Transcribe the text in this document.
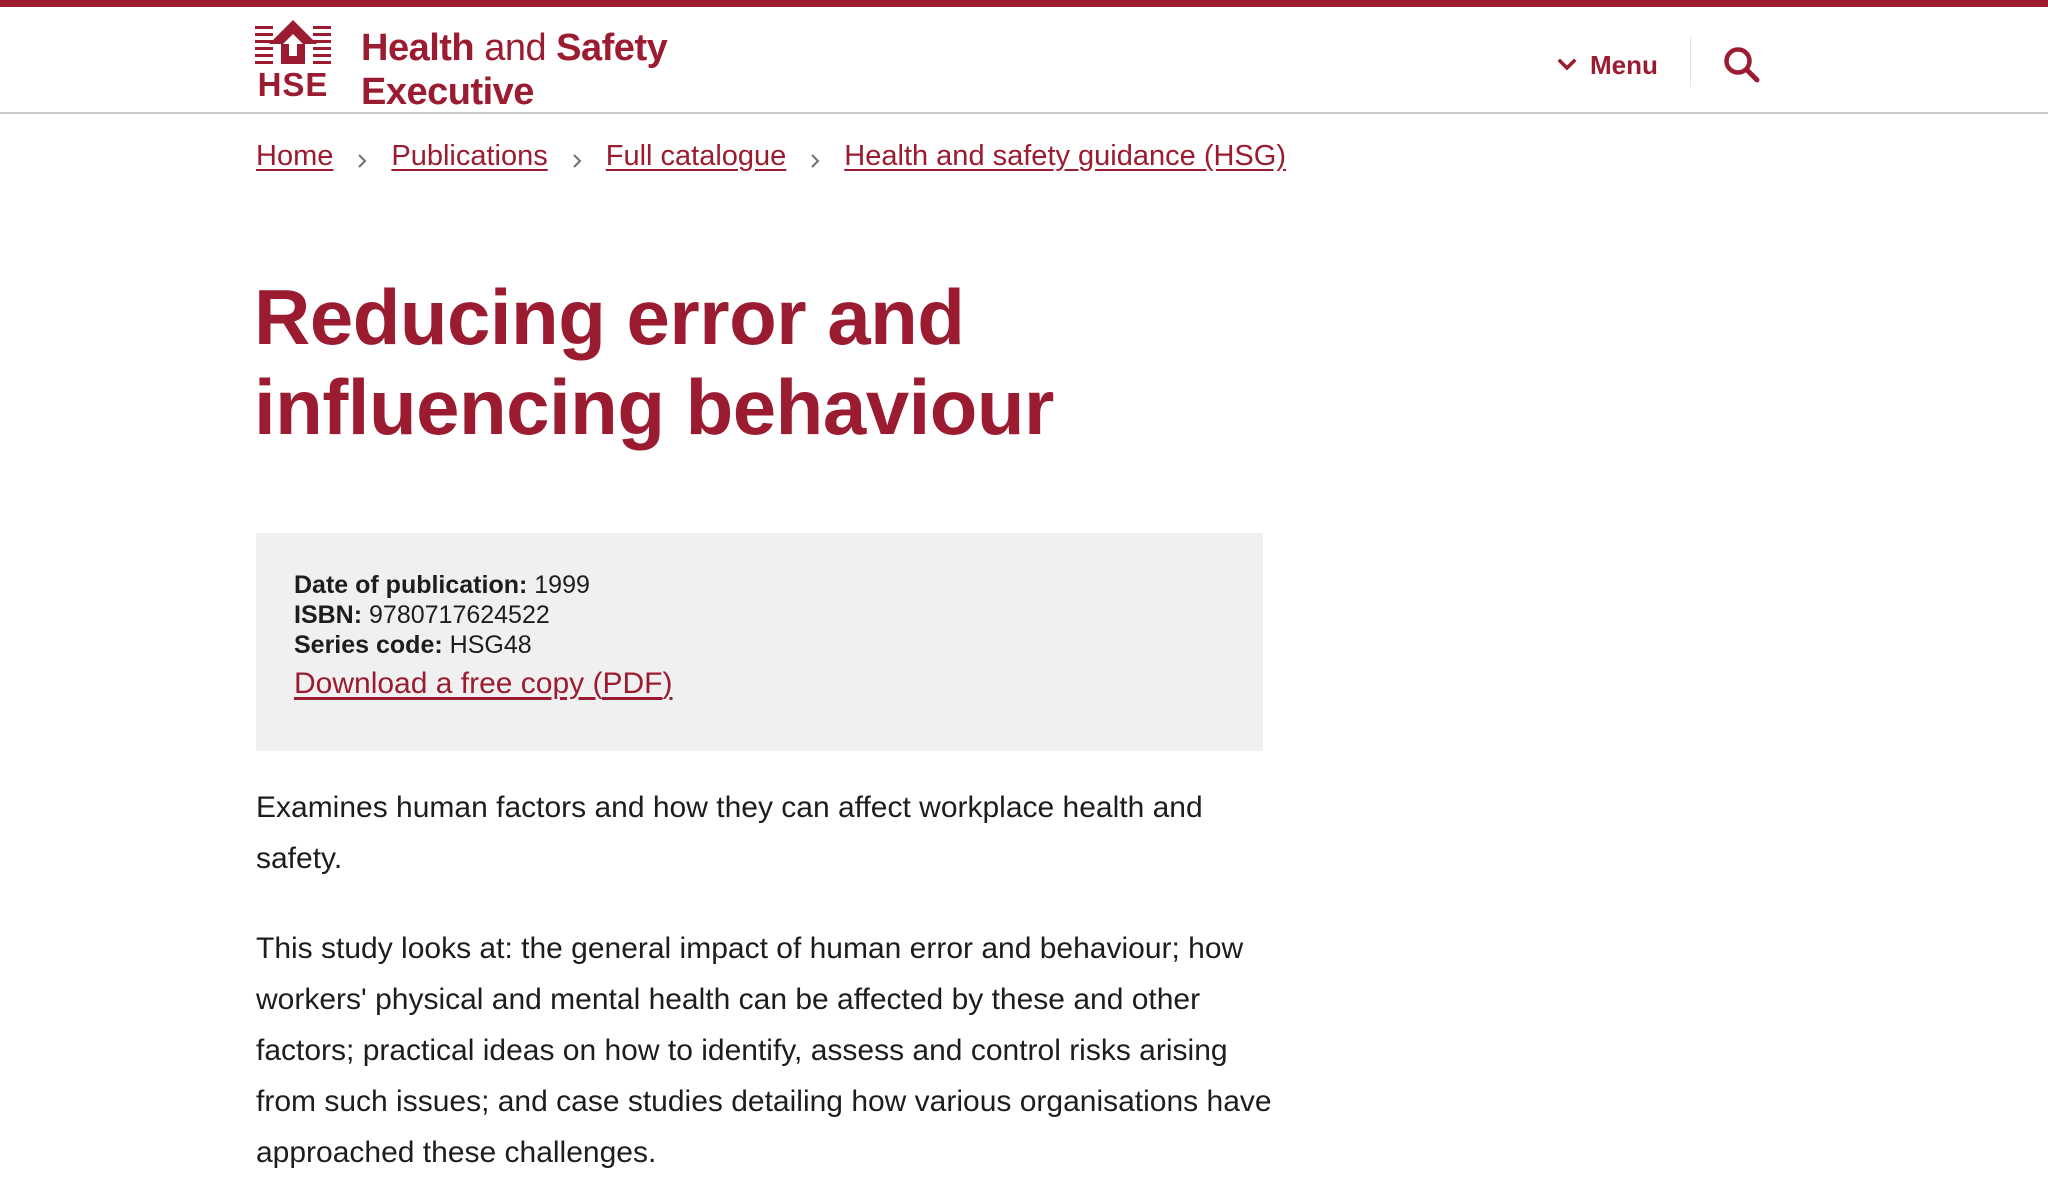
HSE
Health and Safety
Executive
Menu
Home Publications Full catalogue Health and safety guidance (HSG)
Reducing error and influencing behaviour
Date of publication: 1999
ISBN: 9780717624522
Series code: HSG48
Download a free copy (PDF)

Examines human factors and how they can affect workplace health and safety.

This study looks at: the general impact of human error and behaviour; how workers' physical and mental health can be affected by these and other factors; practical ideas on how to identify, assess and control risks arising from such issues; and case studies detailing how various organisations have approached these challenges.
